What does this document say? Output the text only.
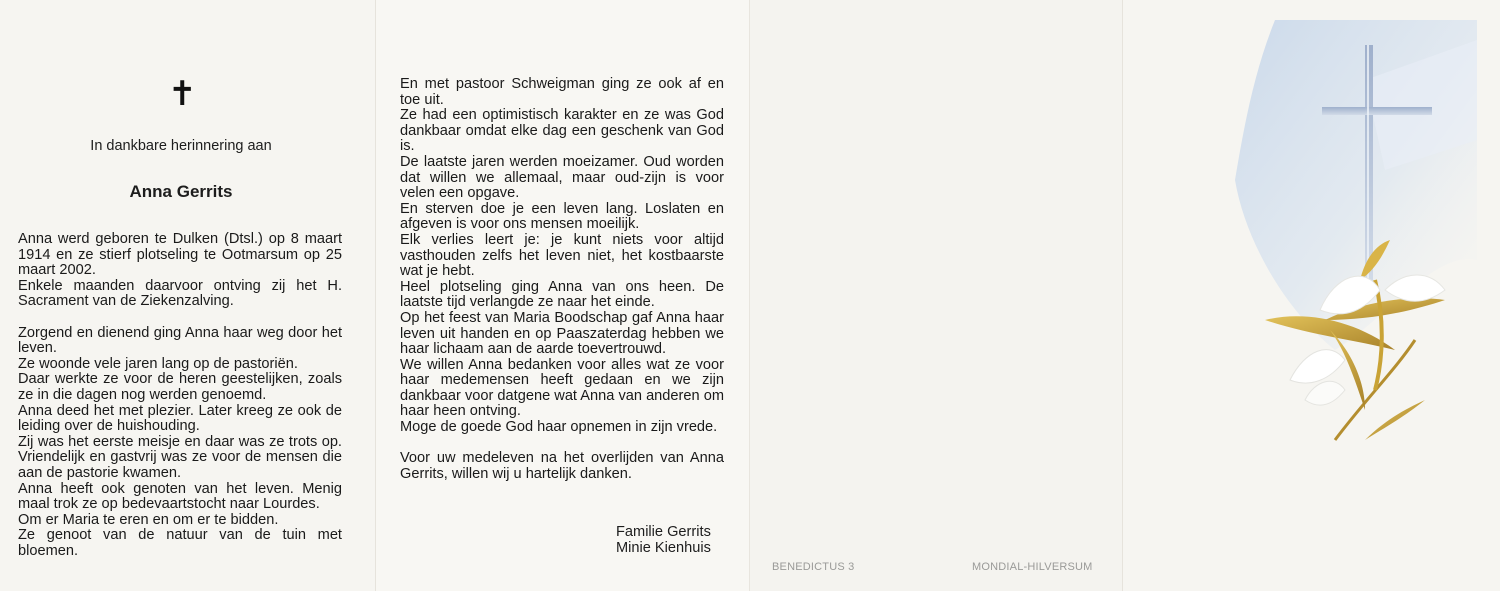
✝
In dankbare herinnering aan
Anna Gerrits

Anna werd geboren te Dulken (Dtsl.) op 8 maart 1914 en ze stierf plotseling te Ootmarsum op 25 maart 2002.

Enkele maanden daarvoor ontving zij het H. Sacrament van de Ziekenzalving.

Zorgend en dienend ging Anna haar weg door het leven.

Ze woonde vele jaren lang op de pastoriën.

Daar werkte ze voor de heren geestelijken, zoals ze in die dagen nog werden genoemd.

Anna deed het met plezier. Later kreeg ze ook de leiding over de huishouding.

Zij was het eerste meisje en daar was ze trots op. Vriendelijk en gastvrij was ze voor de mensen die aan de pastorie kwamen.

Anna heeft ook genoten van het leven. Menig maal trok ze op bedevaartstocht naar Lourdes.

Om er Maria te eren en om er te bidden.

Ze genoot van de natuur van de tuin met bloemen.

En met pastoor Schweigman ging ze ook af en toe uit.

Ze had een optimistisch karakter en ze was God dankbaar omdat elke dag een geschenk van God is.

De laatste jaren werden moeizamer. Oud worden dat willen we allemaal, maar oud-zijn is voor velen een opgave.

En sterven doe je een leven lang. Loslaten en afgeven is voor ons mensen moeilijk.

Elk verlies leert je: je kunt niets voor altijd vasthouden zelfs het leven niet, het kostbaarste wat je hebt.

Heel plotseling ging Anna van ons heen. De laatste tijd verlangde ze naar het einde.

Op het feest van Maria Boodschap gaf Anna haar leven uit handen en op Paaszaterdag hebben we haar lichaam aan de aarde toevertrouwd.

We willen Anna bedanken voor alles wat ze voor haar medemensen heeft gedaan en we zijn dankbaar voor datgene wat Anna van anderen om haar heen ontving.

Moge de goede God haar opnemen in zijn vrede.

Voor uw medeleven na het overlijden van Anna Gerrits, willen wij u hartelijk danken.

Familie Gerrits
Minie Kienhuis
BENEDICTUS 3	MONDIAL-HILVERSUM
